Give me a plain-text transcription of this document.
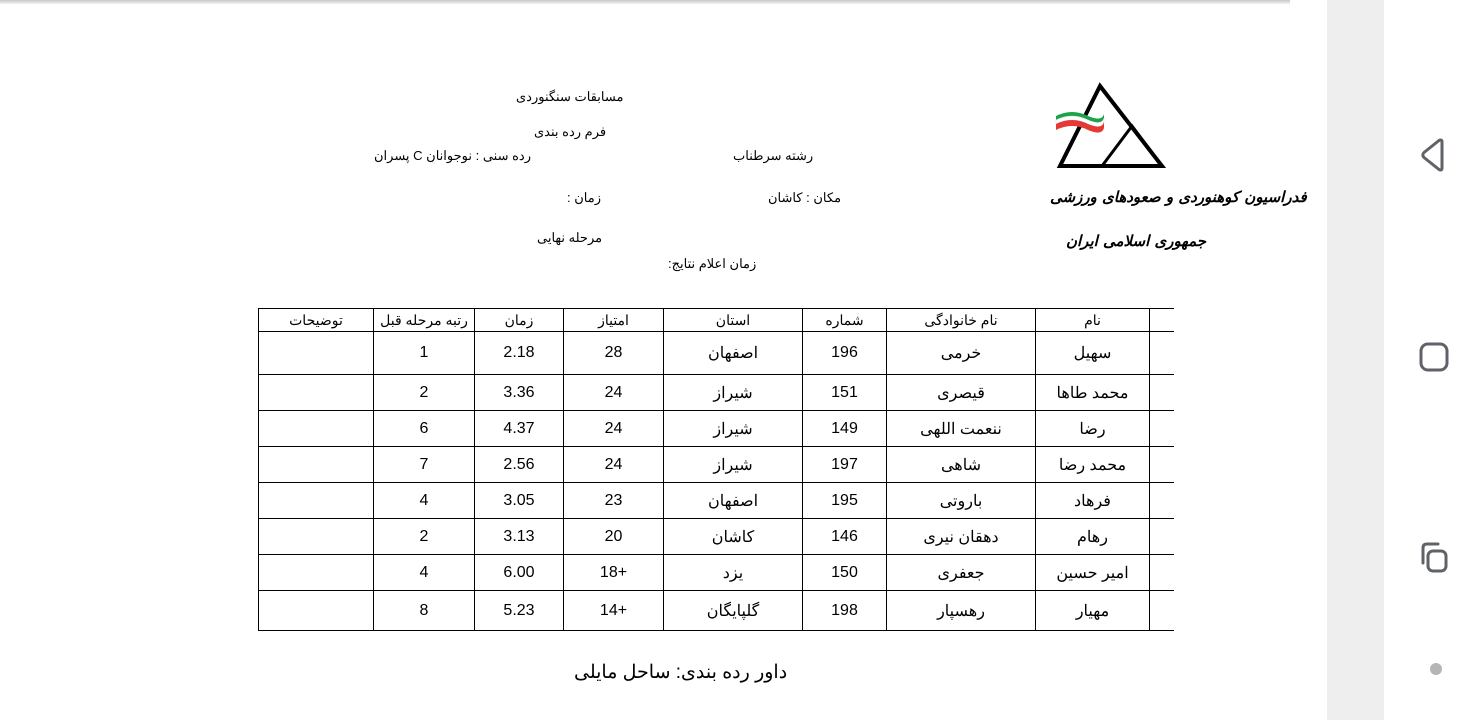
مسابقات سنگنوردی
فرم رده بندی
رده سنی : نوجوانان C پسران	رشته سرطناب
زمان :	مکان : کاشان
مرحله نهایی
زمان اعلام نتایج:
فدراسیون کوهنوردی و صعودهای ورزشی
جمهوری اسلامی ایران
توضیحات	رتبه مرحله قبل	زمان	امتیاز	استان	شماره	نام خانوادگی	نام	
	1	2.18	28	اصفهان	196	خرمی	سهیل	
	2	3.36	24	شیراز	151	قیصری	محمد طاها	
	6	4.37	24	شیراز	149	ننعمت اللهی	رضا	
	7	2.56	24	شیراز	197	شاهی	محمد رضا	
	4	3.05	23	اصفهان	195	باروتی	فرهاد	
	2	3.13	20	کاشان	146	دهقان نیری	رهام	
	4	6.00	+18	یزد	150	جعفری	امیر حسین	
	8	5.23	+14	گلپایگان	198	رهسپار	مهیار	
داور رده بندی: ساحل مایلی
